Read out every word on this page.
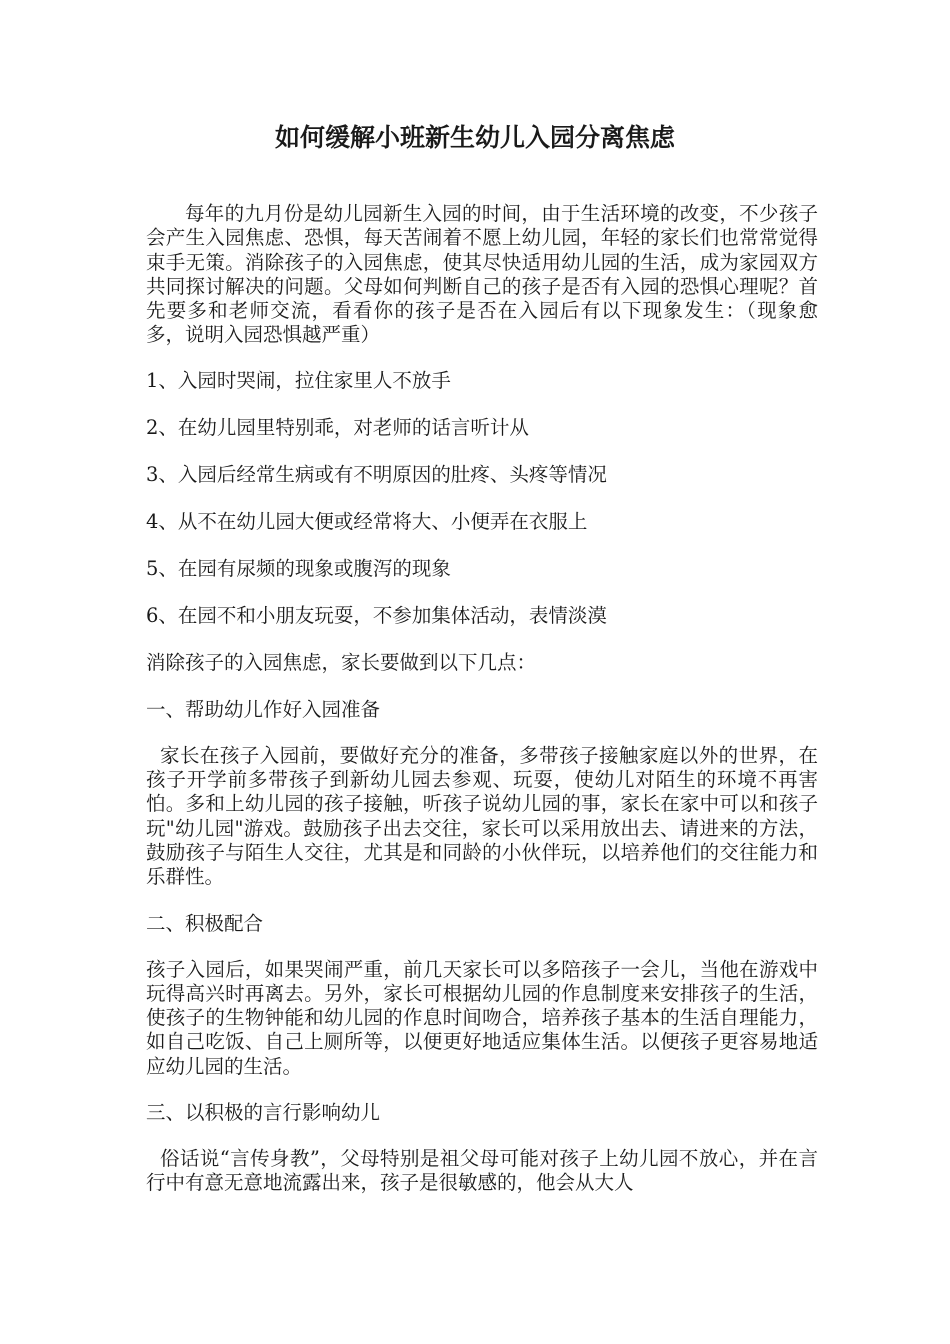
如何缓解小班新生幼儿入园分离焦虑

每年的九月份是幼儿园新生入园的时间，由于生活环境的改变，不少孩子会产生入园焦虑、恐惧，每天苦闹着不愿上幼儿园，年轻的家长们也常常觉得束手无策。消除孩子的入园焦虑，使其尽快适用幼儿园的生活，成为家园双方共同探讨解决的问题。父母如何判断自己的孩子是否有入园的恐惧心理呢？首先要多和老师交流，看看你的孩子是否在入园后有以下现象发生：（现象愈多，说明入园恐惧越严重）

1、入园时哭闹，拉住家里人不放手

2、在幼儿园里特别乖，对老师的话言听计从

3、入园后经常生病或有不明原因的肚疼、头疼等情况

4、从不在幼儿园大便或经常将大、小便弄在衣服上

5、在园有尿频的现象或腹泻的现象

6、在园不和小朋友玩耍，不参加集体活动，表情淡漠

消除孩子的入园焦虑，家长要做到以下几点：

一、帮助幼儿作好入园准备

家长在孩子入园前，要做好充分的准备，多带孩子接触家庭以外的世界，在孩子开学前多带孩子到新幼儿园去参观、玩耍，使幼儿对陌生的环境不再害怕。多和上幼儿园的孩子接触，听孩子说幼儿园的事，家长在家中可以和孩子玩"幼儿园"游戏。鼓励孩子出去交往，家长可以采用放出去、请进来的方法，鼓励孩子与陌生人交往，尤其是和同龄的小伙伴玩，以培养他们的交往能力和乐群性。

二、积极配合

孩子入园后，如果哭闹严重，前几天家长可以多陪孩子一会儿，当他在游戏中玩得高兴时再离去。另外，家长可根据幼儿园的作息制度来安排孩子的生活，使孩子的生物钟能和幼儿园的作息时间吻合，培养孩子基本的生活自理能力，如自己吃饭、自己上厕所等，以便更好地适应集体生活。以便孩子更容易地适应幼儿园的生活。

三、以积极的言行影响幼儿

俗话说“言传身教”，父母特别是祖父母可能对孩子上幼儿园不放心，并在言行中有意无意地流露出来，孩子是很敏感的，他会从大人
